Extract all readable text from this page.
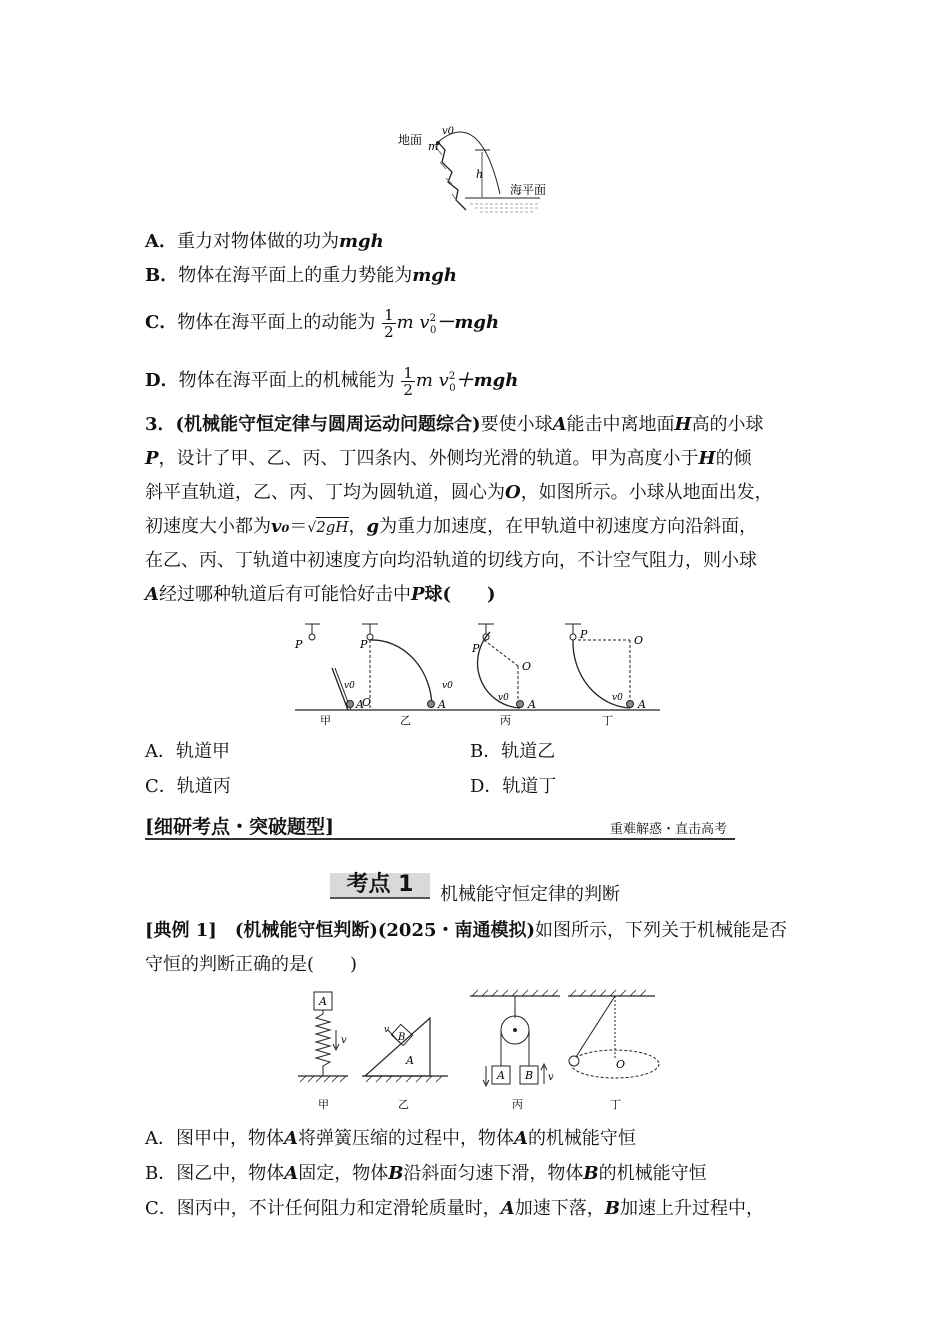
地面 m
v0
h
海平面
A．重力对物体做的功为mgh
B．物体在海平面上的重力势能为mgh
C．物体在海平面上的动能为 $\frac{1}{2}$ m $v^2_0-mgh$
D．物体在海平面上的机械能为 $\frac{1}{2}$ m $v^2_0+mgh$
3．(机械能守恒定律与圆周运动问题综合)要使小球A能击中离地面H高的小球
P，设计了甲、乙、丙、丁四条内、外侧均光滑的轨道。甲为高度小于H的倾
斜平直轨道，乙、丙、丁均为圆轨道，圆心为O，如图所示。小球从地面出发，
初速度大小都为v₀＝√2gH，g为重力加速度，在甲轨道中初速度方向沿斜面，
在乙、丙、丁轨道中初速度方向均沿轨道的切线方向，不计空气阻力，则小球
A经过哪种轨道后有可能恰好击中P球(　　)
P
A
v0
甲
P
O	A
v0
乙
P
O
A
v0
丙
P	O
A
v0
丁
A．轨道甲	B．轨道乙
C．轨道丙	D．轨道丁
[细研考点・突破题型]	重难解惑・直击高考
考点 1	机械能守恒定律的判断
[典例 1]　 (机械能守恒判断)(2025・南通模拟)如图所示，下列关于机械能是否
守恒的判断正确的是(　　)
A
v
甲
A
B
v
乙
A B v
丙
O
丁
A．图甲中，物体A将弹簧压缩的过程中，物体A的机械能守恒
B．图乙中，物体A固定，物体B沿斜面匀速下滑，物体B的机械能守恒
C．图丙中，不计任何阻力和定滑轮质量时，A加速下落，B加速上升过程中，
